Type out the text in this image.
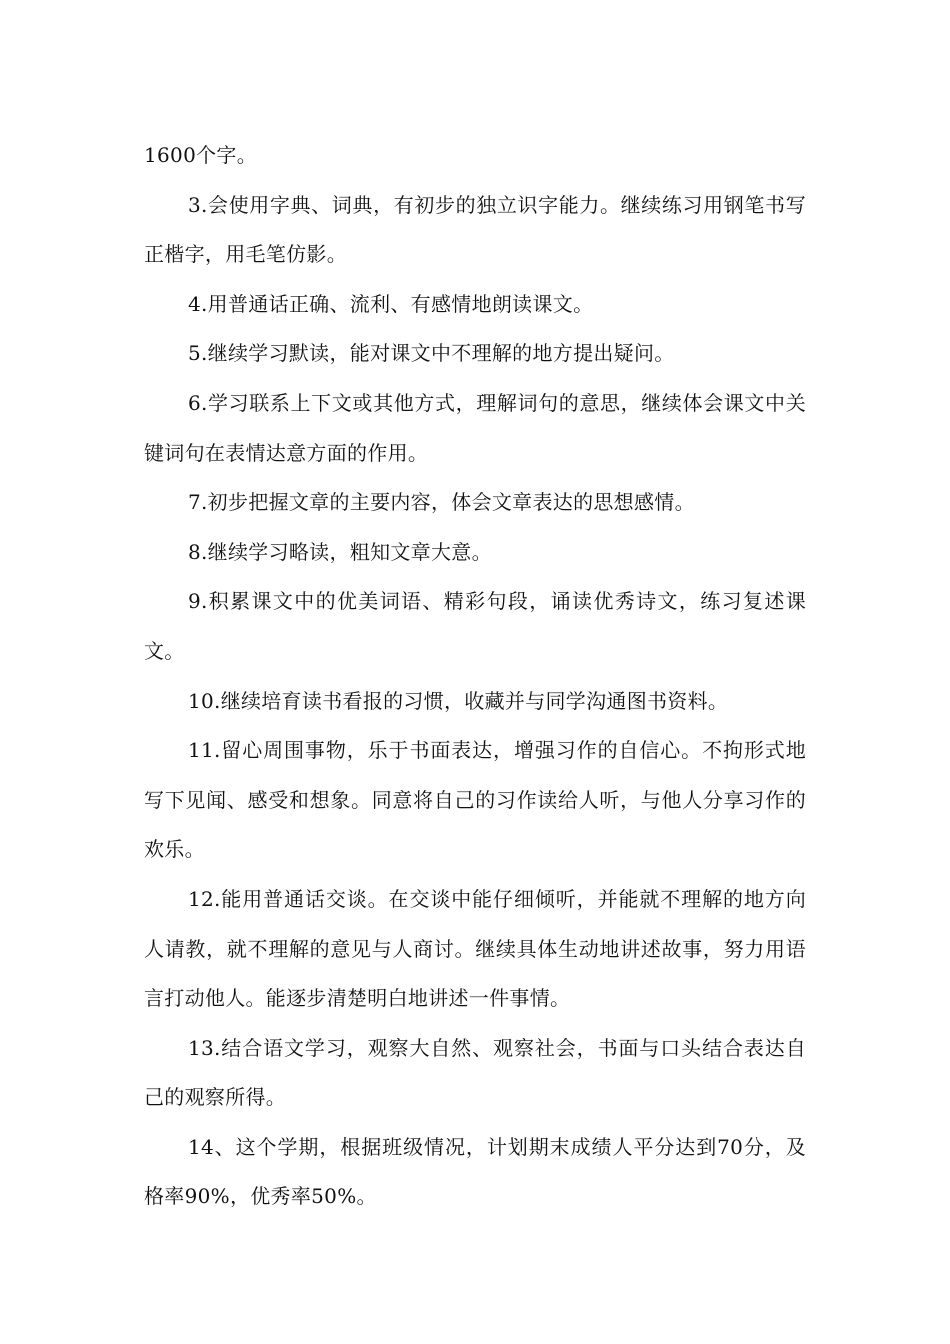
1600个字。

3.会使用字典、词典，有初步的独立识字能力。继续练习用钢笔书写正楷字，用毛笔仿影。

4.用普通话正确、流利、有感情地朗读课文。

5.继续学习默读，能对课文中不理解的地方提出疑问。

6.学习联系上下文或其他方式，理解词句的意思，继续体会课文中关键词句在表情达意方面的作用。

7.初步把握文章的主要内容，体会文章表达的思想感情。

8.继续学习略读，粗知文章大意。

9.积累课文中的优美词语、精彩句段，诵读优秀诗文，练习复述课文。

10.继续培育读书看报的习惯，收藏并与同学沟通图书资料。

11.留心周围事物，乐于书面表达，增强习作的自信心。不拘形式地写下见闻、感受和想象。同意将自己的习作读给人听，与他人分享习作的欢乐。

12.能用普通话交谈。在交谈中能仔细倾听，并能就不理解的地方向人请教，就不理解的意见与人商讨。继续具体生动地讲述故事，努力用语言打动他人。能逐步清楚明白地讲述一件事情。

13.结合语文学习，观察大自然、观察社会，书面与口头结合表达自己的观察所得。

14、这个学期，根据班级情况，计划期末成绩人平分达到70分，及格率90%，优秀率50%。
